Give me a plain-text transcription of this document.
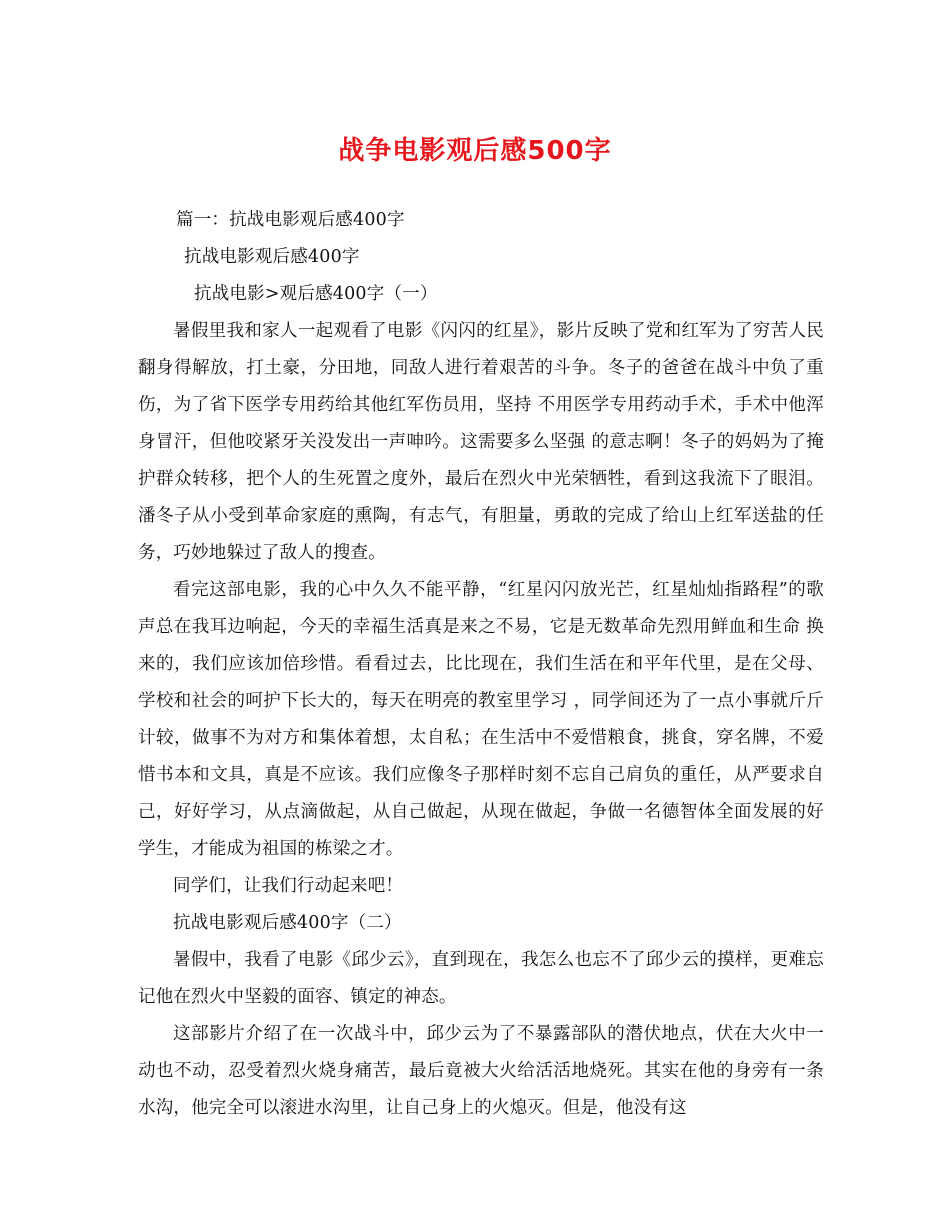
战争电影观后感500字

篇一：抗战电影观后感400字

抗战电影观后感400字

抗战电影>观后感400字（一）

暑假里我和家人一起观看了电影《闪闪的红星》，影片反映了党和红军为了穷苦人民翻身得解放，打土豪，分田地，同敌人进行着艰苦的斗争。冬子的爸爸在战斗中负了重伤，为了省下医学专用药给其他红军伤员用，坚持 不用医学专用药动手术，手术中他浑身冒汗，但他咬紧牙关没发出一声呻吟。这需要多么坚强 的意志啊！冬子的妈妈为了掩护群众转移，把个人的生死置之度外，最后在烈火中光荣牺牲，看到这我流下了眼泪。潘冬子从小受到革命家庭的熏陶，有志气，有胆量，勇敢的完成了给山上红军送盐的任务，巧妙地躲过了敌人的搜查。

看完这部电影，我的心中久久不能平静，“红星闪闪放光芒，红星灿灿指路程”的歌声总在我耳边响起，今天的幸福生活真是来之不易，它是无数革命先烈用鲜血和生命 换来的，我们应该加倍珍惜。看看过去，比比现在，我们生活在和平年代里，是在父母、学校和社会的呵护下长大的，每天在明亮的教室里学习 ，同学间还为了一点小事就斤斤计较，做事不为对方和集体着想，太自私；在生活中不爱惜粮食，挑食，穿名牌，不爱惜书本和文具，真是不应该。我们应像冬子那样时刻不忘自己肩负的重任，从严要求自己，好好学习，从点滴做起，从自己做起，从现在做起，争做一名德智体全面发展的好学生，才能成为祖国的栋梁之才。

同学们，让我们行动起来吧！

抗战电影观后感400字（二）

暑假中，我看了电影《邱少云》，直到现在，我怎么也忘不了邱少云的摸样，更难忘记他在烈火中坚毅的面容、镇定的神态。

这部影片介绍了在一次战斗中，邱少云为了不暴露部队的潜伏地点，伏在大火中一动也不动，忍受着烈火烧身痛苦，最后竟被大火给活活地烧死。其实在他的身旁有一条水沟，他完全可以滚进水沟里，让自己身上的火熄灭。但是，他没有这
